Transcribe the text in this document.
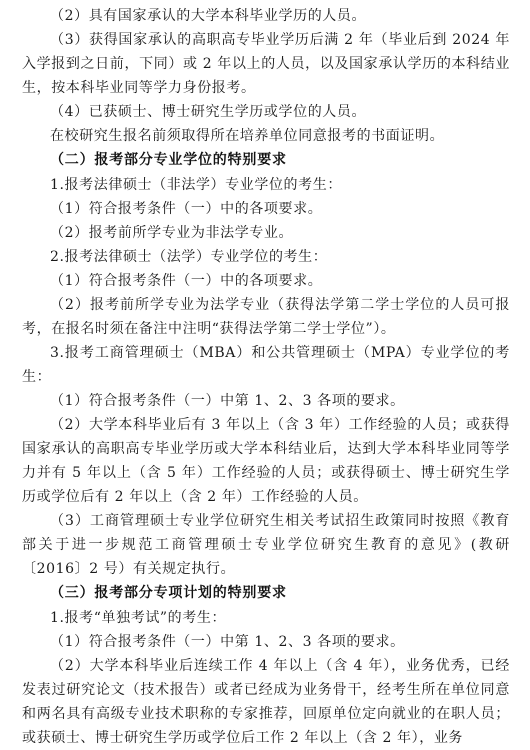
（2）具有国家承认的大学本科毕业学历的人员。

（3）获得国家承认的高职高专毕业学历后满 2 年（毕业后到 2024 年入学报到之日前，下同）或 2 年以上的人员，以及国家承认学历的本科结业生，按本科毕业同等学力身份报考。

（4）已获硕士、博士研究生学历或学位的人员。

在校研究生报名前须取得所在培养单位同意报考的书面证明。

（二）报考部分专业学位的特别要求

1.报考法律硕士（非法学）专业学位的考生：

（1）符合报考条件（一）中的各项要求。

（2）报考前所学专业为非法学专业。

2.报考法律硕士（法学）专业学位的考生：

（1）符合报考条件（一）中的各项要求。

（2）报考前所学专业为法学专业（获得法学第二学士学位的人员可报考，在报名时须在备注中注明“获得法学第二学士学位”）。

3.报考工商管理硕士（MBA）和公共管理硕士（MPA）专业学位的考生：

（1）符合报考条件（一）中第 1、2、3 各项的要求。

（2）大学本科毕业后有 3 年以上（含 3 年）工作经验的人员；或获得国家承认的高职高专毕业学历或大学本科结业后，达到大学本科毕业同等学力并有 5 年以上（含 5 年）工作经验的人员；或获得硕士、博士研究生学历或学位后有 2 年以上（含 2 年）工作经验的人员。

（3）工商管理硕士专业学位研究生相关考试招生政策同时按照《教育部关于进一步规范工商管理硕士专业学位研究生教育的意见》(教研〔2016〕2 号）有关规定执行。

（三）报考部分专项计划的特别要求

1.报考“单独考试”的考生：

（1）符合报考条件（一）中第 1、2、3 各项的要求。

（2）大学本科毕业后连续工作 4 年以上（含 4 年），业务优秀，已经发表过研究论文（技术报告）或者已经成为业务骨干，经考生所在单位同意和两名具有高级专业技术职称的专家推荐，回原单位定向就业的在职人员；或获硕士、博士研究生学历或学位后工作 2 年以上（含 2 年），业务
